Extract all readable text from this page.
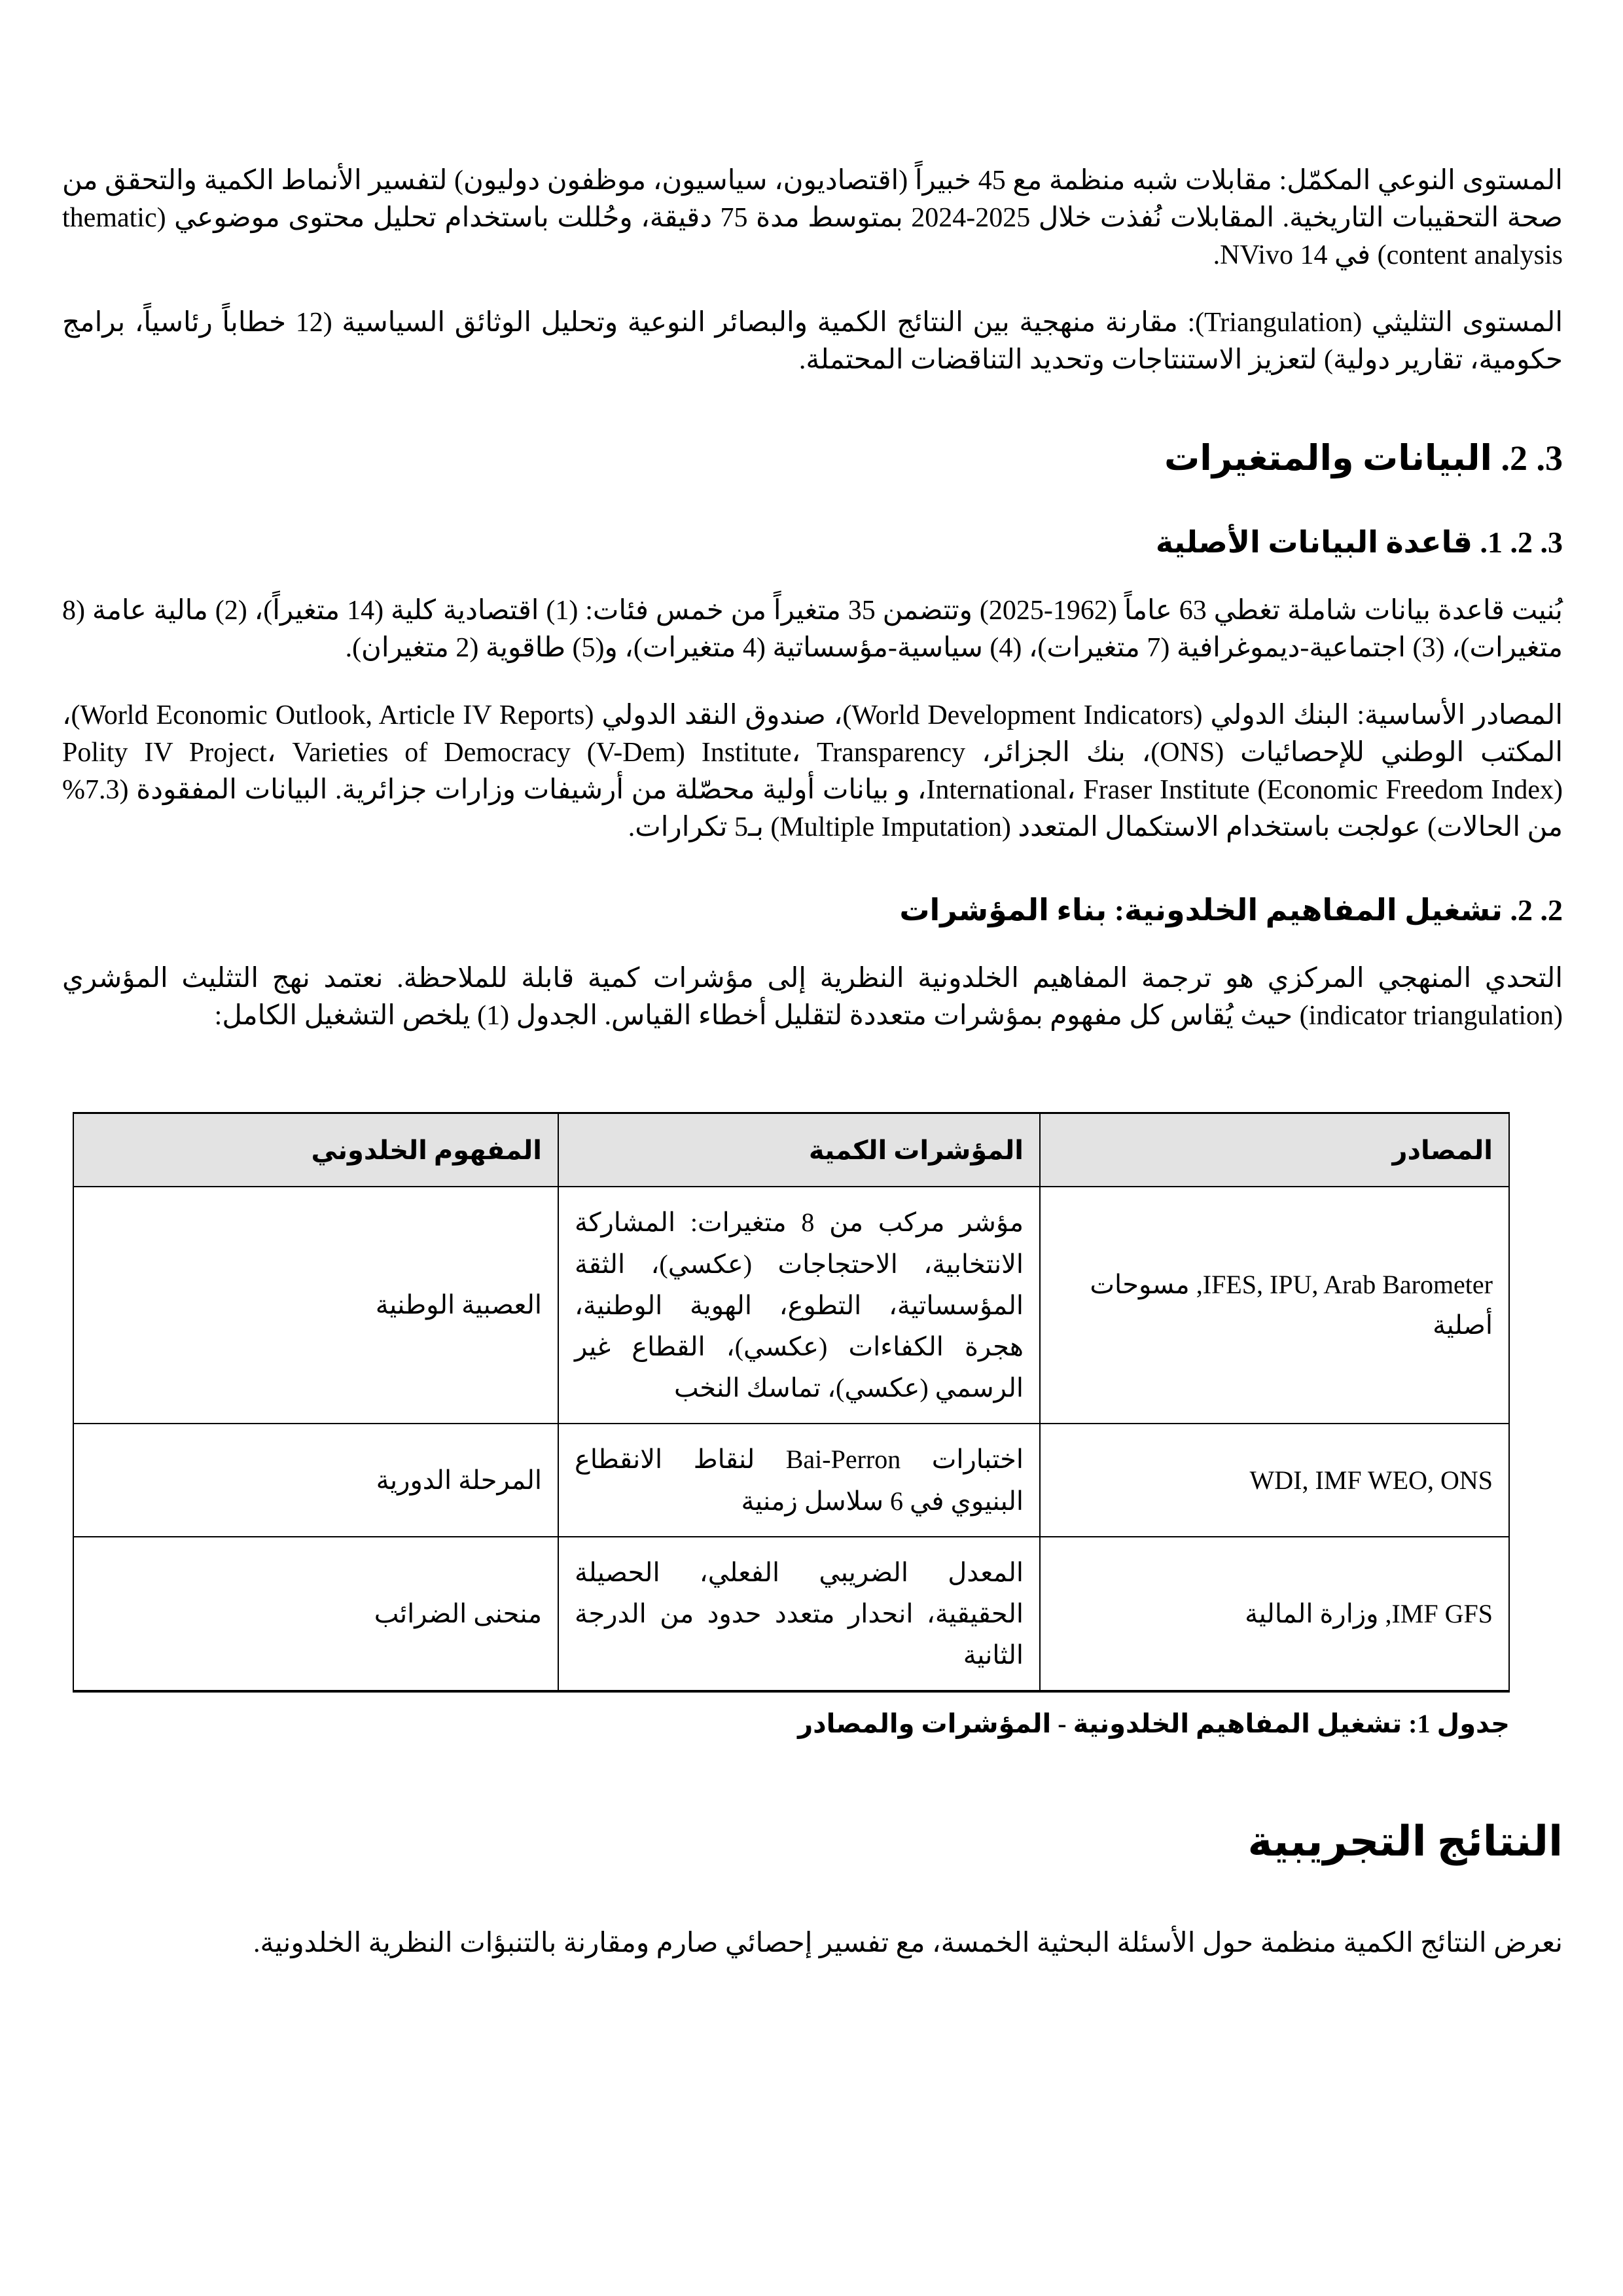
المستوى النوعي المكمّل: مقابلات شبه منظمة مع 45 خبيراً (اقتصاديون، سياسيون، موظفون دوليون) لتفسير الأنماط الكمية والتحقق من صحة التحقيبات التاريخية. المقابلات نُفذت خلال 2025-2024 بمتوسط مدة 75 دقيقة، وحُللت باستخدام تحليل محتوى موضوعي (thematic content analysis) في NVivo 14.

المستوى التثليثي (Triangulation): مقارنة منهجية بين النتائج الكمية والبصائر النوعية وتحليل الوثائق السياسية (12 خطاباً رئاسياً، برامج حكومية، تقارير دولية) لتعزيز الاستنتاجات وتحديد التناقضات المحتملة.

3. 2. البيانات والمتغيرات
3. 2. 1. قاعدة البيانات الأصلية

بُنيت قاعدة بيانات شاملة تغطي 63 عاماً (1962-2025) وتتضمن 35 متغيراً من خمس فئات: (1) اقتصادية كلية (14 متغيراً)، (2) مالية عامة (8 متغيرات)، (3) اجتماعية-ديموغرافية (7 متغيرات)، (4) سياسية-مؤسساتية (4 متغيرات)، و(5) طاقوية (2 متغيران).

المصادر الأساسية: البنك الدولي (World Development Indicators)، صندوق النقد الدولي (World Economic Outlook, Article IV Reports)، المكتب الوطني للإحصائيات (ONS)، بنك الجزائر، Polity IV Project، Varieties of Democracy (V-Dem) Institute، Transparency International، Fraser Institute (Economic Freedom Index)، و بيانات أولية محصّلة من أرشيفات وزارات جزائرية. البيانات المفقودة (7.3% من الحالات) عولجت باستخدام الاستكمال المتعدد (Multiple Imputation) بـ5 تكرارات.

2. 2. تشغيل المفاهيم الخلدونية: بناء المؤشرات

التحدي المنهجي المركزي هو ترجمة المفاهيم الخلدونية النظرية إلى مؤشرات كمية قابلة للملاحظة. نعتمد نهج التثليث المؤشري (indicator triangulation) حيث يُقاس كل مفهوم بمؤشرات متعددة لتقليل أخطاء القياس. الجدول (1) يلخص التشغيل الكامل:

المصادر	المؤشرات الكمية	المفهوم الخلدوني
IFES, IPU, Arab Barometer, مسوحات أصلية	مؤشر مركب من 8 متغيرات: المشاركة الانتخابية، الاحتجاجات (عكسي)، الثقة المؤسساتية، التطوع، الهوية الوطنية، هجرة الكفاءات (عكسي)، القطاع غير الرسمي (عكسي)، تماسك النخب	العصبية الوطنية
WDI, IMF WEO, ONS	اختبارات Bai-Perron لنقاط الانقطاع البنيوي في 6 سلاسل زمنية	المرحلة الدورية
IMF GFS, وزارة المالية	المعدل الضريبي الفعلي، الحصيلة الحقيقية، انحدار متعدد حدود من الدرجة الثانية	منحنى الضرائب
جدول 1: تشغيل المفاهيم الخلدونية - المؤشرات والمصادر
النتائج التجريبية

نعرض النتائج الكمية منظمة حول الأسئلة البحثية الخمسة، مع تفسير إحصائي صارم ومقارنة بالتنبؤات النظرية الخلدونية.
